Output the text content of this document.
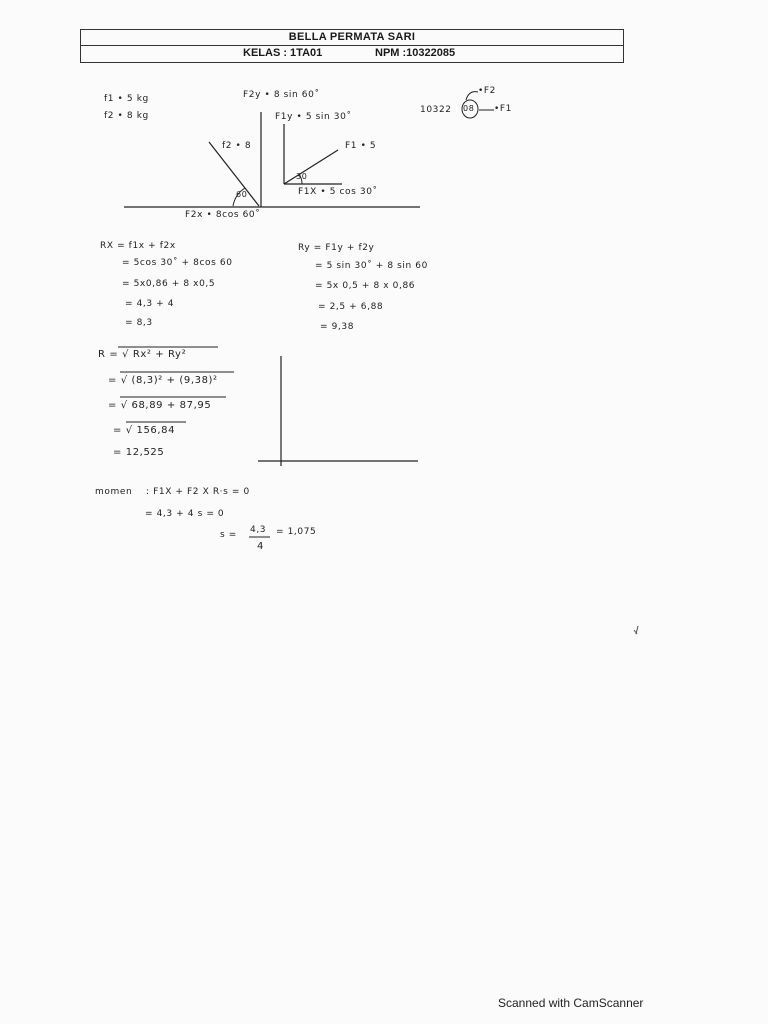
BELLA PERMATA SARI
KELAS : 1TA01	NPM :10322085
f1 • 5 kg
f2 • 8 kg
F2y • 8 sin 60˚
F1y • 5 sin 30˚
f2 • 8	F1 • 5
30
60	F1X • 5 cos 30˚
F2x • 8cos 60˚
10322 08
•F2
•F1
RX = f1x + f2x
= 5cos 30˚ + 8cos 60
= 5x0,86 + 8 x0,5
= 4,3 + 4
= 8,3
Ry = F1y + f2y
= 5 sin 30˚ + 8 sin 60
= 5x 0,5 + 8 x 0,86
= 2,5 + 6,88
= 9,38
R = √ Rx² + Ry²
= √ (8,3)² + (9,38)²
= √ 68,89 + 87,95
= √ 156,84
= 12,525
momen : F1X + F2 X R·s = 0
= 4,3 + 4 s = 0
s = 4,3
4
= 1,075
Scanned with CamScanner
